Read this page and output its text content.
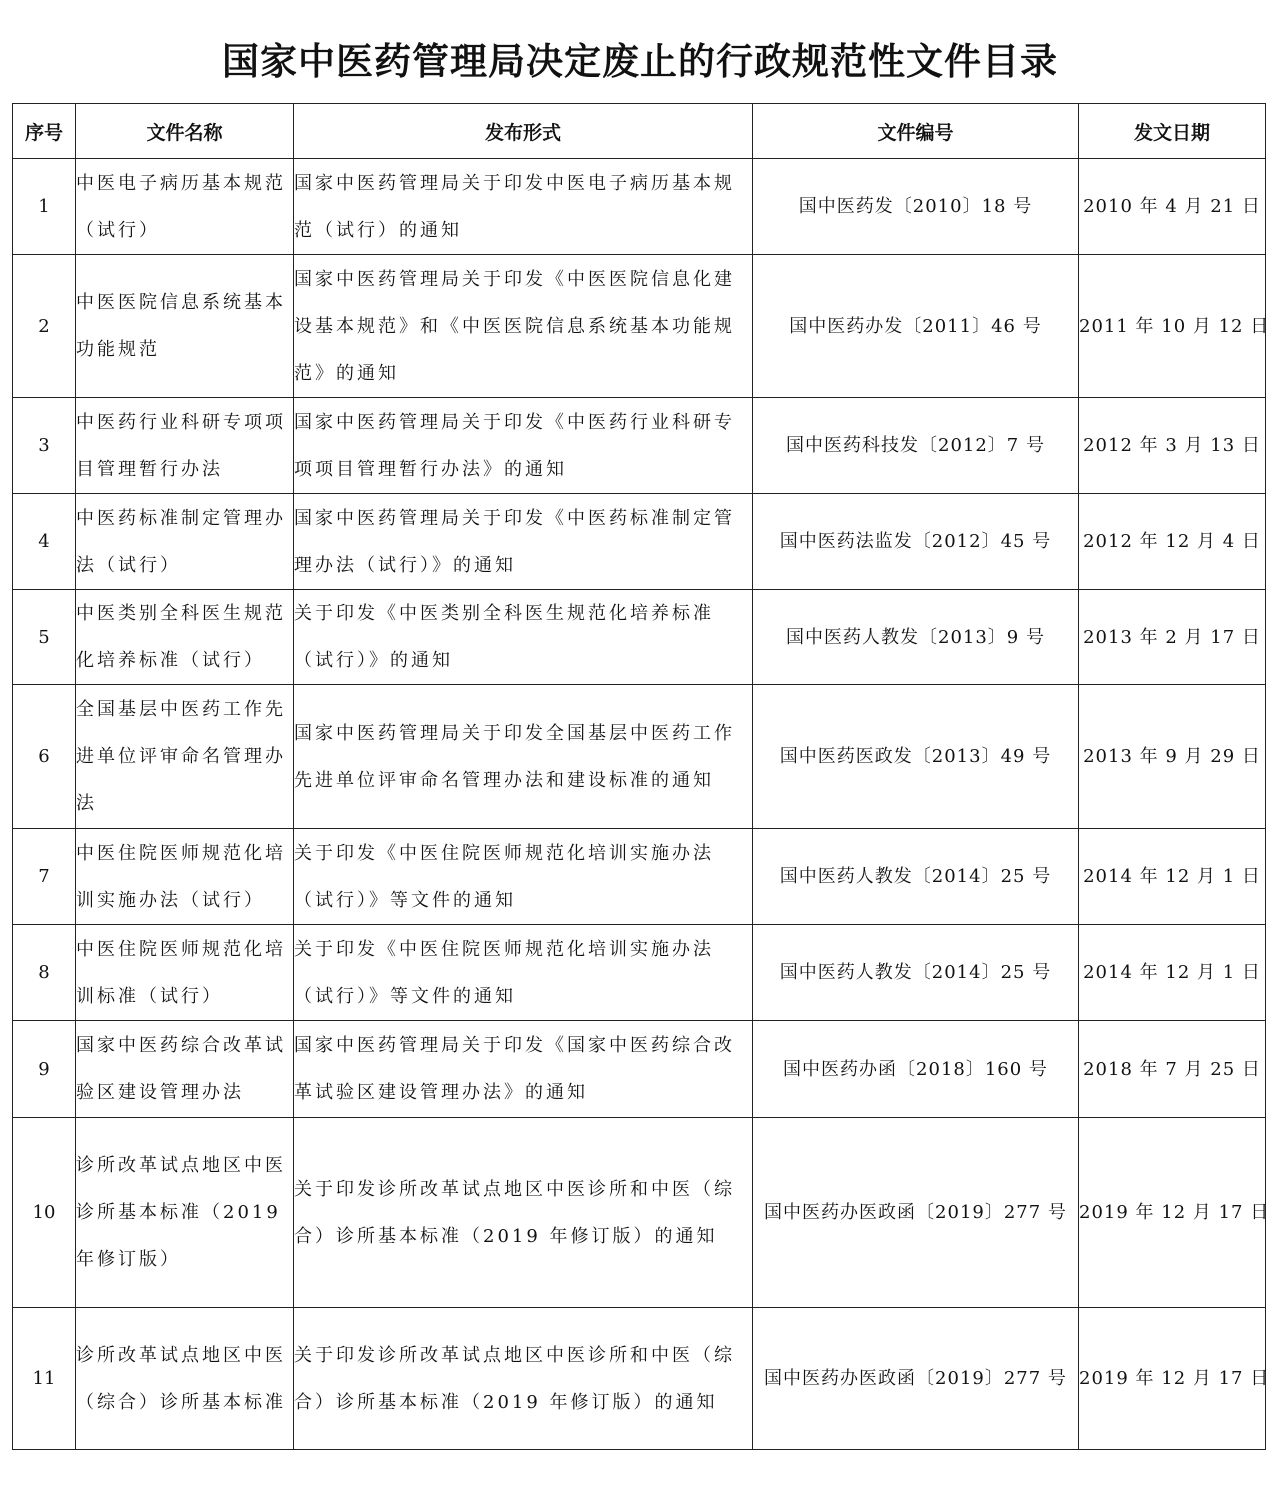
国家中医药管理局决定废止的行政规范性文件目录
序号	文件名称	发布形式	文件编号	发文日期
1	中医电子病历基本规范（试行）	国家中医药管理局关于印发中医电子病历基本规范（试行）的通知	国中医药发〔2010〕18 号	2010 年 4 月 21 日
2	中医医院信息系统基本功能规范	国家中医药管理局关于印发《中医医院信息化建设基本规范》和《中医医院信息系统基本功能规范》的通知	国中医药办发〔2011〕46 号	2011 年 10 月 12 日
3	中医药行业科研专项项目管理暂行办法	国家中医药管理局关于印发《中医药行业科研专项项目管理暂行办法》的通知	国中医药科技发〔2012〕7 号	2012 年 3 月 13 日
4	中医药标准制定管理办法（试行）	国家中医药管理局关于印发《中医药标准制定管理办法（试行）》的通知	国中医药法监发〔2012〕45 号	2012 年 12 月 4 日
5	中医类别全科医生规范化培养标准（试行）	关于印发《中医类别全科医生规范化培养标准（试行）》的通知	国中医药人教发〔2013〕9 号	2013 年 2 月 17 日
6	全国基层中医药工作先进单位评审命名管理办法	国家中医药管理局关于印发全国基层中医药工作先进单位评审命名管理办法和建设标准的通知	国中医药医政发〔2013〕49 号	2013 年 9 月 29 日
7	中医住院医师规范化培训实施办法（试行）	关于印发《中医住院医师规范化培训实施办法（试行）》等文件的通知	国中医药人教发〔2014〕25 号	2014 年 12 月 1 日
8	中医住院医师规范化培训标准（试行）	关于印发《中医住院医师规范化培训实施办法（试行）》等文件的通知	国中医药人教发〔2014〕25 号	2014 年 12 月 1 日
9	国家中医药综合改革试验区建设管理办法	国家中医药管理局关于印发《国家中医药综合改革试验区建设管理办法》的通知	国中医药办函〔2018〕160 号	2018 年 7 月 25 日
10	诊所改革试点地区中医诊所基本标准（2019 年修订版）	关于印发诊所改革试点地区中医诊所和中医（综合）诊所基本标准（2019 年修订版）的通知	国中医药办医政函〔2019〕277 号	2019 年 12 月 17 日
11	诊所改革试点地区中医（综合）诊所基本标准	关于印发诊所改革试点地区中医诊所和中医（综合）诊所基本标准（2019 年修订版）的通知	国中医药办医政函〔2019〕277 号	2019 年 12 月 17 日
